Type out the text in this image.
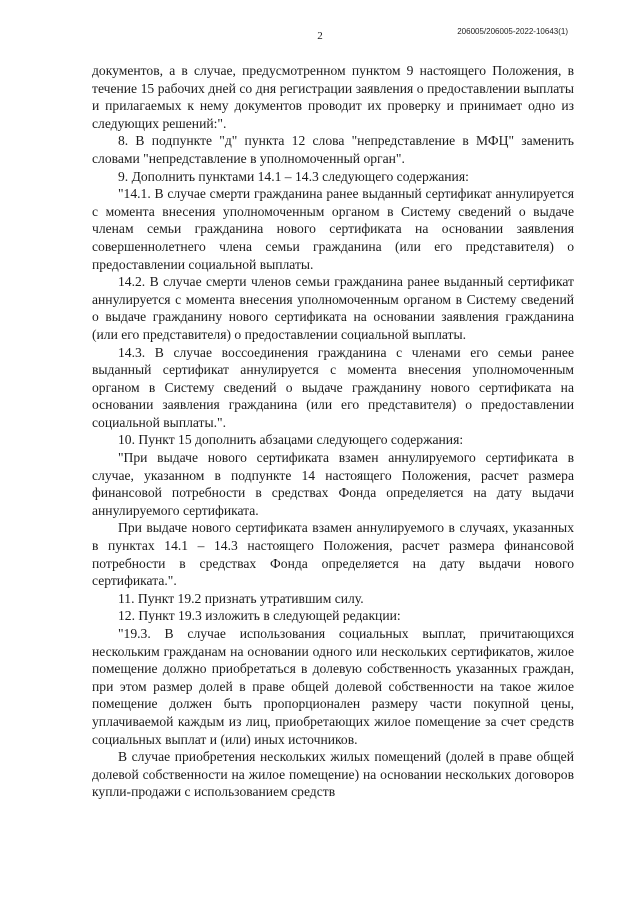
2	206005/206005-2022-10643(1)

документов, а в случае, предусмотренном пунктом 9 настоящего Положения, в течение 15 рабочих дней со дня регистрации заявления о предоставлении выплаты и прилагаемых к нему документов проводит их проверку и принимает одно из следующих решений:".

8. В подпункте "д" пункта 12 слова "непредставление в МФЦ" заменить словами "непредставление в уполномоченный орган".

9. Дополнить пунктами 14.1 – 14.3 следующего содержания:

"14.1. В случае смерти гражданина ранее выданный сертификат аннулируется с момента внесения уполномоченным органом в Систему сведений о выдаче членам семьи гражданина нового сертификата на основании заявления совершеннолетнего члена семьи гражданина (или его представителя) о предоставлении социальной выплаты.

14.2. В случае смерти членов семьи гражданина ранее выданный сертификат аннулируется с момента внесения уполномоченным органом в Систему сведений о выдаче гражданину нового сертификата на основании заявления гражданина (или его представителя) о предоставлении социальной выплаты.

14.3. В случае воссоединения гражданина с членами его семьи ранее выданный сертификат аннулируется с момента внесения уполномоченным органом в Систему сведений о выдаче гражданину нового сертификата на основании заявления гражданина (или его представителя) о предоставлении социальной выплаты.".

10. Пункт 15 дополнить абзацами следующего содержания:

"При выдаче нового сертификата взамен аннулируемого сертификата в случае, указанном в подпункте 14 настоящего Положения, расчет размера финансовой потребности в средствах Фонда определяется на дату выдачи аннулируемого сертификата.

При выдаче нового сертификата взамен аннулируемого в случаях, указанных в пунктах 14.1 – 14.3 настоящего Положения, расчет размера финансовой потребности в средствах Фонда определяется на дату выдачи нового сертификата.".

11. Пункт 19.2 признать утратившим силу.

12. Пункт 19.3 изложить в следующей редакции:

"19.3. В случае использования социальных выплат, причитающихся нескольким гражданам на основании одного или нескольких сертификатов, жилое помещение должно приобретаться в долевую собственность указанных граждан, при этом размер долей в праве общей долевой собственности на такое жилое помещение должен быть пропорционален размеру части покупной цены, уплачиваемой каждым из лиц, приобретающих жилое помещение за счет средств социальных выплат и (или) иных источников.

В случае приобретения нескольких жилых помещений (долей в праве общей долевой собственности на жилое помещение) на основании нескольких договоров купли-продажи с использованием средств
